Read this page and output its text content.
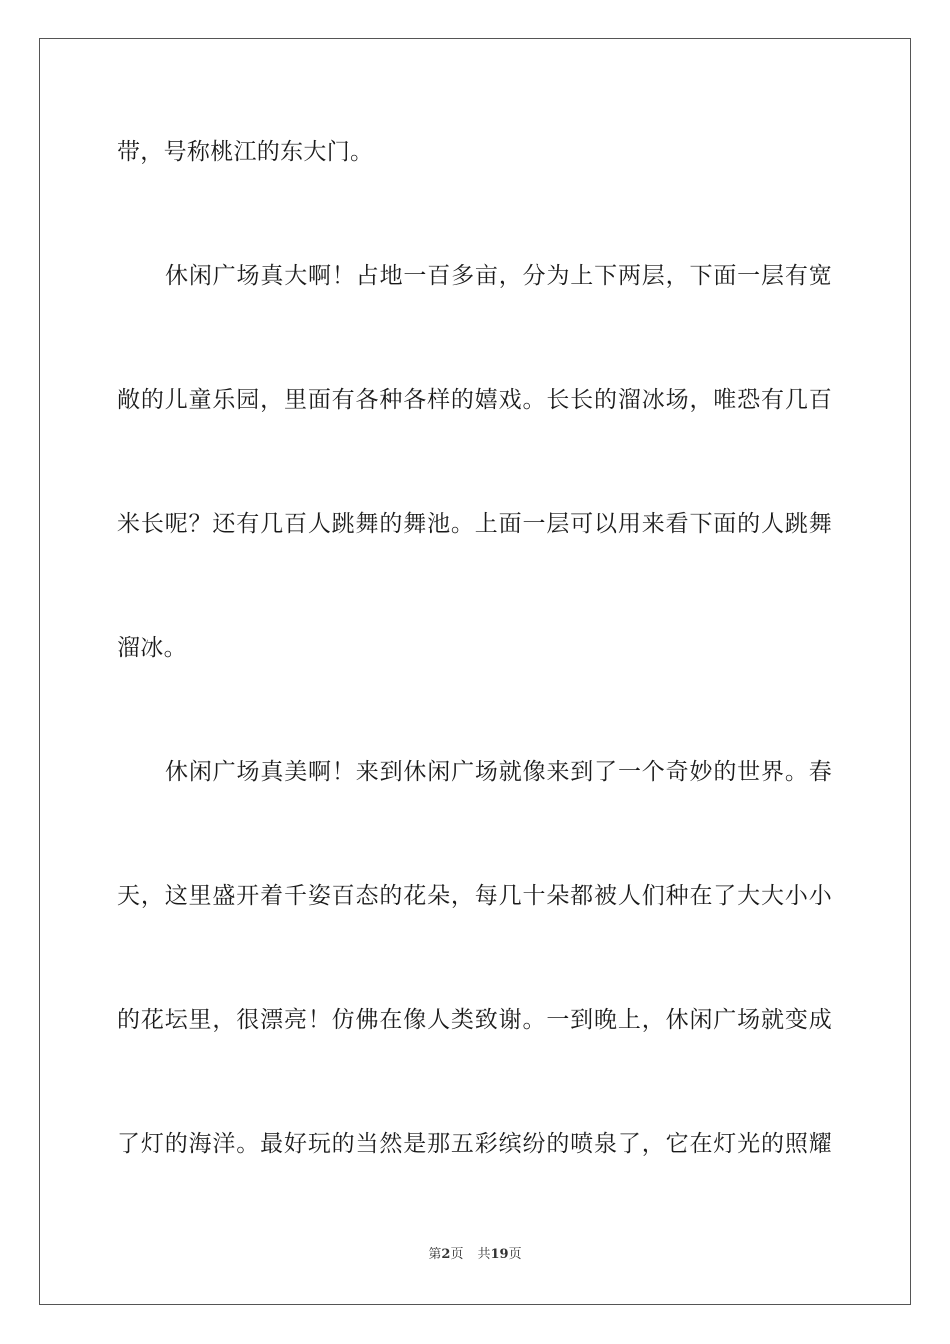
带，号称桃江的东大门。
休闲广场真大啊！占地一百多亩，分为上下两层，下面一层有宽
敞的儿童乐园，里面有各种各样的嬉戏。长长的溜冰场，唯恐有几百
米长呢？还有几百人跳舞的舞池。上面一层可以用来看下面的人跳舞
溜冰。
休闲广场真美啊！来到休闲广场就像来到了一个奇妙的世界。春
天，这里盛开着千姿百态的花朵，每几十朵都被人们种在了大大小小
的花坛里，很漂亮！仿佛在像人类致谢。一到晚上，休闲广场就变成
了灯的海洋。最好玩的当然是那五彩缤纷的喷泉了，它在灯光的照耀
第2页 共19页
